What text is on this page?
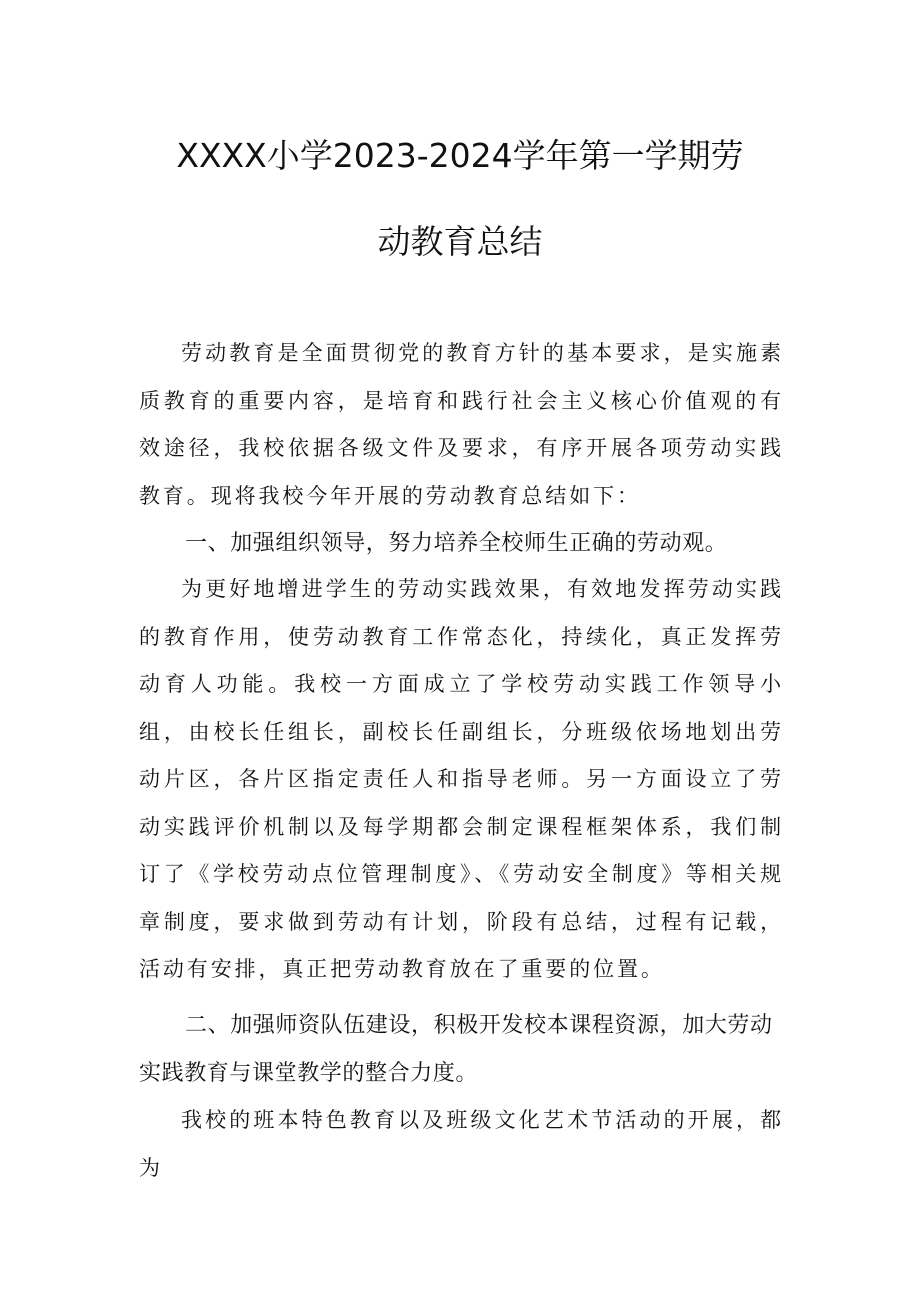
XXXX小学2023-2024学年第一学期劳
动教育总结

劳动教育是全面贯彻党的教育方针的基本要求，是实施素质教育的重要内容，是培育和践行社会主义核心价值观的有效途径，我校依据各级文件及要求，有序开展各项劳动实践教育。现将我校今年开展的劳动教育总结如下：

一、加强组织领导，努力培养全校师生正确的劳动观。

为更好地增进学生的劳动实践效果，有效地发挥劳动实践的教育作用，使劳动教育工作常态化，持续化，真正发挥劳动育人功能。我校一方面成立了学校劳动实践工作领导小组，由校长任组长，副校长任副组长，分班级依场地划出劳动片区，各片区指定责任人和指导老师。另一方面设立了劳动实践评价机制以及每学期都会制定课程框架体系，我们制订了《学校劳动点位管理制度》、《劳动安全制度》等相关规章制度，要求做到劳动有计划，阶段有总结，过程有记载，活动有安排，真正把劳动教育放在了重要的位置。

二、加强师资队伍建设，积极开发校本课程资源，加大劳动实践教育与课堂教学的整合力度。

我校的班本特色教育以及班级文化艺术节活动的开展，都为
